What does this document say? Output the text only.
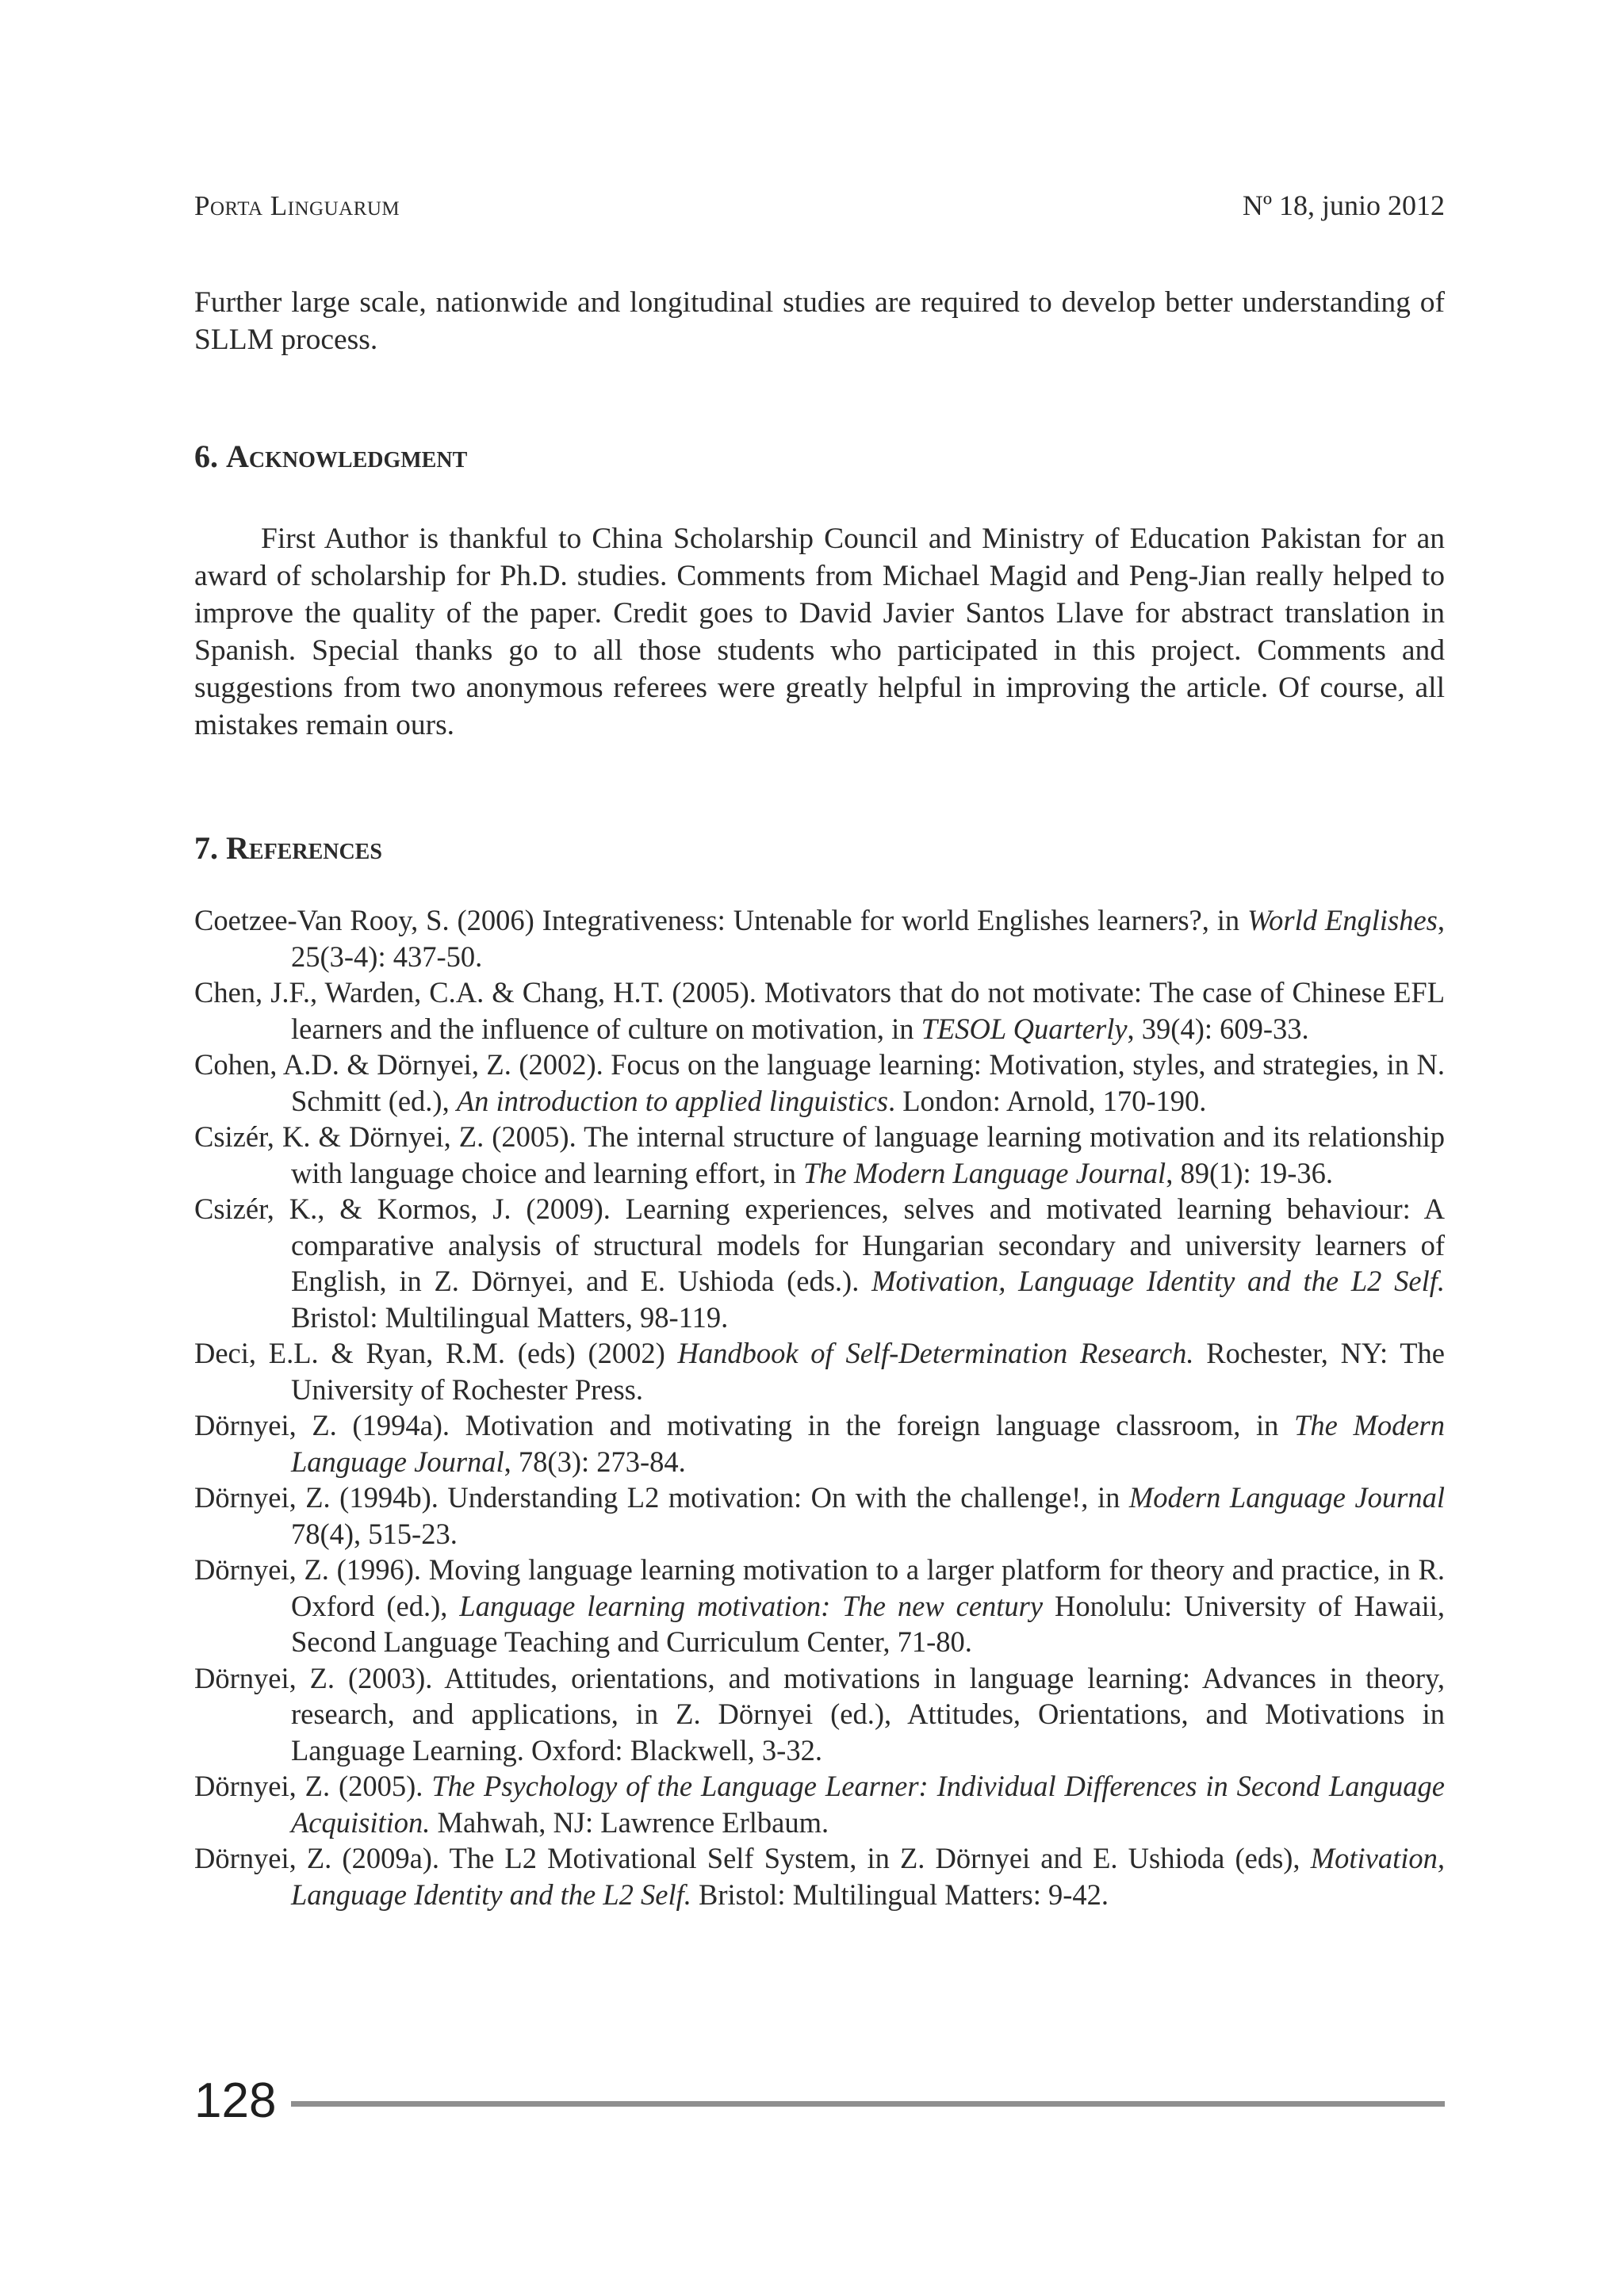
Porta Linguarum	Nº 18, junio 2012

Further large scale, nationwide and longitudinal studies are required to develop better understanding of SLLM process.

6. Acknowledgment

First Author is thankful to China Scholarship Council and Ministry of Education Pakistan for an award of scholarship for Ph.D. studies. Comments from Michael Magid and Peng-Jian really helped to improve the quality of the paper. Credit goes to David Javier Santos Llave for abstract translation in Spanish. Special thanks go to all those students who participated in this project. Comments and suggestions from two anonymous referees were greatly helpful in improving the article. Of course, all mistakes remain ours.

7. References
Coetzee-Van Rooy, S. (2006) Integrativeness: Untenable for world Englishes learners?, in World Englishes, 25(3-4): 437-50.
Chen, J.F., Warden, C.A. & Chang, H.T. (2005). Motivators that do not motivate: The case of Chinese EFL learners and the influence of culture on motivation, in TESOL Quarterly, 39(4): 609-33.
Cohen, A.D. & Dörnyei, Z. (2002). Focus on the language learning: Motivation, styles, and strategies, in N. Schmitt (ed.), An introduction to applied linguistics. London: Arnold, 170-190.
Csizér, K. & Dörnyei, Z. (2005). The internal structure of language learning motivation and its relationship with language choice and learning effort, in The Modern Language Journal, 89(1): 19-36.
Csizér, K., & Kormos, J. (2009). Learning experiences, selves and motivated learning behaviour: A comparative analysis of structural models for Hungarian secondary and university learners of English, in Z. Dörnyei, and E. Ushioda (eds.). Motivation, Language Identity and the L2 Self. Bristol: Multilingual Matters, 98-119.
Deci, E.L. & Ryan, R.M. (eds) (2002) Handbook of Self-Determination Research. Rochester, NY: The University of Rochester Press.
Dörnyei, Z. (1994a). Motivation and motivating in the foreign language classroom, in The Modern Language Journal, 78(3): 273-84.
Dörnyei, Z. (1994b). Understanding L2 motivation: On with the challenge!, in Modern Language Journal 78(4), 515-23.
Dörnyei, Z. (1996). Moving language learning motivation to a larger platform for theory and practice, in R. Oxford (ed.), Language learning motivation: The new century Honolulu: University of Hawaii, Second Language Teaching and Curriculum Center, 71-80.
Dörnyei, Z. (2003). Attitudes, orientations, and motivations in language learning: Advances in theory, research, and applications, in Z. Dörnyei (ed.), Attitudes, Orientations, and Motivations in Language Learning. Oxford: Blackwell, 3-32.
Dörnyei, Z. (2005). The Psychology of the Language Learner: Individual Differences in Second Language Acquisition. Mahwah, NJ: Lawrence Erlbaum.
Dörnyei, Z. (2009a). The L2 Motivational Self System, in Z. Dörnyei and E. Ushioda (eds), Motivation, Language Identity and the L2 Self. Bristol: Multilingual Matters: 9-42.
128
